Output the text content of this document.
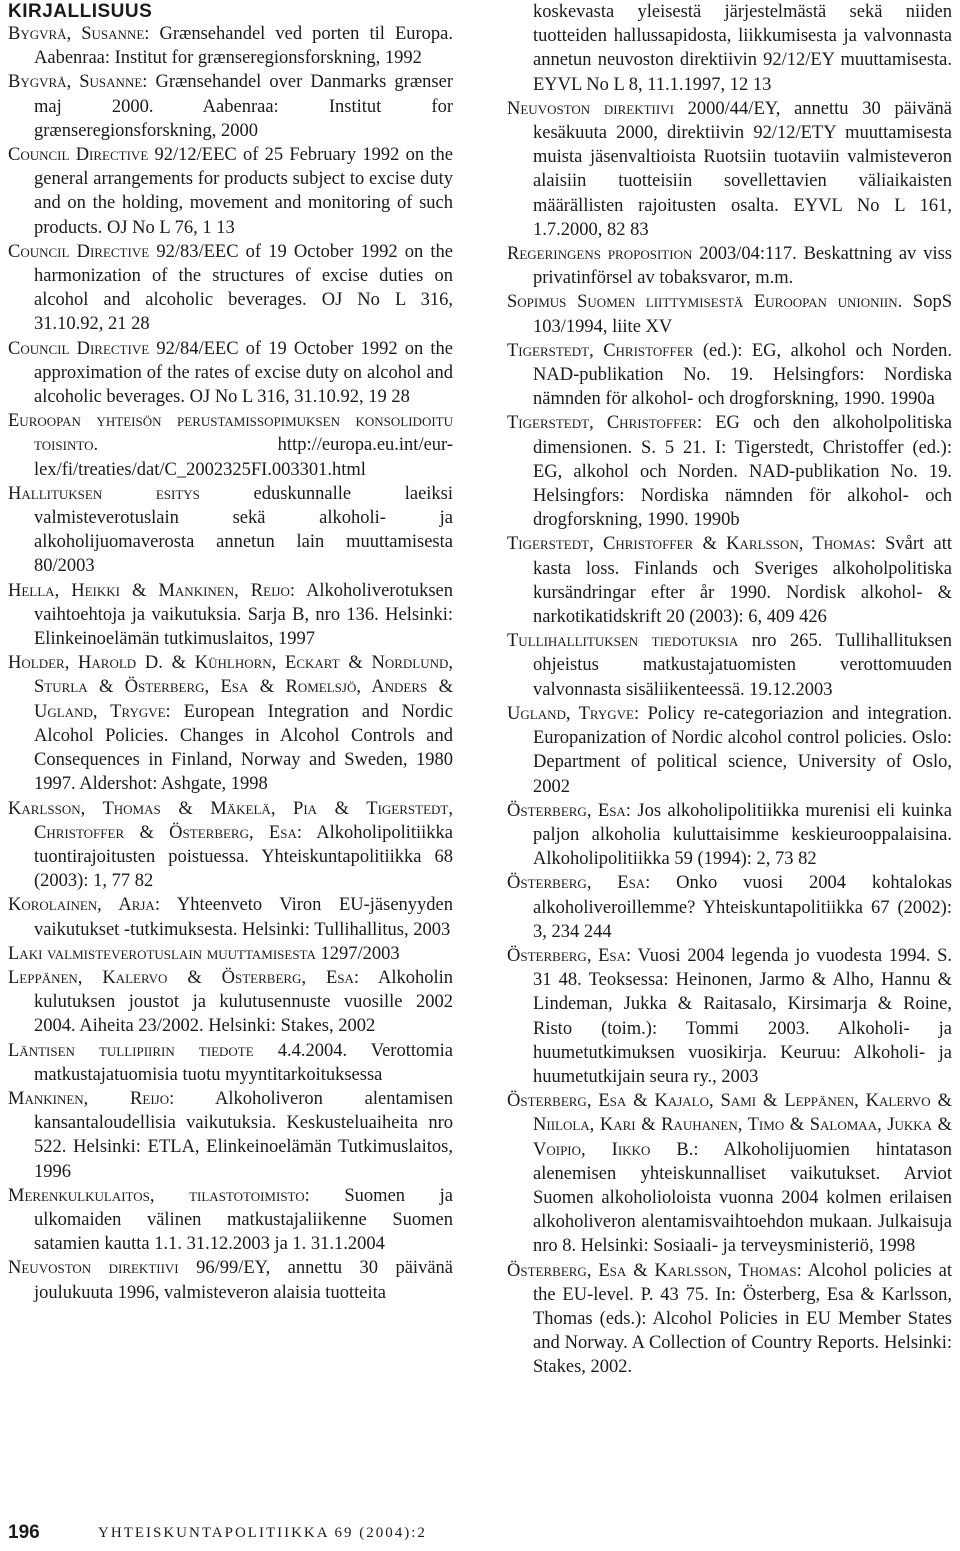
KIRJALLISUUS

Bygvrå, Susanne: Grænsehandel ved porten til Europa. Aabenraa: Institut for grænseregionsforskning, 1992

Bygvrå, Susanne: Grænsehandel over Danmarks grænser maj 2000. Aabenraa: Institut for grænseregionsforskning, 2000

Council Directive 92/12/EEC of 25 February 1992 on the general arrangements for products subject to excise duty and on the holding, movement and monitoring of such products. OJ No L 76, 1 13

Council Directive 92/83/EEC of 19 October 1992 on the harmonization of the structures of excise duties on alcohol and alcoholic beverages. OJ No L 316, 31.10.92, 21 28

Council Directive 92/84/EEC of 19 October 1992 on the approximation of the rates of excise duty on alcohol and alcoholic beverages. OJ No L 316, 31.10.92, 19 28

Euroopan yhteisön perustamissopimuksen konsolidoitu toisinto. http://europa.eu.int/eur-lex/fi/treaties/dat/C_2002325FI.003301.html

Hallituksen esitys eduskunnalle laeiksi valmisteverotuslain sekä alkoholi- ja alkoholijuomaverosta annetun lain muuttamisesta 80/2003

Hella, Heikki & Mankinen, Reijo: Alkoholiverotuksen vaihtoehtoja ja vaikutuksia. Sarja B, nro 136. Helsinki: Elinkeinoelämän tutkimuslaitos, 1997

Holder, Harold D. & Kühlhorn, Eckart & Nordlund, Sturla & Österberg, Esa & Romelsjö, Anders & Ugland, Trygve: European Integration and Nordic Alcohol Policies. Changes in Alcohol Controls and Consequences in Finland, Norway and Sweden, 1980 1997. Aldershot: Ashgate, 1998

Karlsson, Thomas & Mäkelä, Pia & Tigerstedt, Christoffer & Österberg, Esa: Alkoholipolitiikka tuontirajoitusten poistuessa. Yhteiskuntapolitiikka 68 (2003): 1, 77 82

Korolainen, Arja: Yhteenveto Viron EU-jäsenyyden vaikutukset -tutkimuksesta. Helsinki: Tullihallitus, 2003

Laki valmisteverotuslain muuttamisesta 1297/2003

Leppänen, Kalervo & Österberg, Esa: Alkoholin kulutuksen joustot ja kulutusennuste vuosille 2002 2004. Aiheita 23/2002. Helsinki: Stakes, 2002

Läntisen tullipiirin tiedote 4.4.2004. Verottomia matkustajatuomisia tuotu myyntitarkoituksessa

Mankinen, Reijo: Alkoholiveron alentamisen kansantaloudellisia vaikutuksia. Keskusteluaiheita nro 522. Helsinki: ETLA, Elinkeinoelämän Tutkimuslaitos, 1996

Merenkulkulaitos, tilastotoimisto: Suomen ja ulkomaiden välinen matkustajaliikenne Suomen satamien kautta 1.1. 31.12.2003 ja 1. 31.1.2004

Neuvoston direktiivi 96/99/EY, annettu 30 päivänä joulukuuta 1996, valmisteveron alaisia tuotteita

koskevasta yleisestä järjestelmästä sekä niiden tuotteiden hallussapidosta, liikkumisesta ja valvonnasta annetun neuvoston direktiivin 92/12/EY muuttamisesta. EYVL No L 8, 11.1.1997, 12 13

Neuvoston direktiivi 2000/44/EY, annettu 30 päivänä kesäkuuta 2000, direktiivin 92/12/ETY muuttamisesta muista jäsenvaltioista Ruotsiin tuotaviin valmisteveron alaisiin tuotteisiin sovellettavien väliaikaisten määrällisten rajoitusten osalta. EYVL No L 161, 1.7.2000, 82 83

Regeringens proposition 2003/04:117. Beskattning av viss privatinförsel av tobaksvaror, m.m.

Sopimus Suomen liittymisestä Euroopan unioniin. SopS 103/1994, liite XV

Tigerstedt, Christoffer (ed.): EG, alkohol och Norden. NAD-publikation No. 19. Helsingfors: Nordiska nämnden för alkohol- och drogforskning, 1990. 1990a

Tigerstedt, Christoffer: EG och den alkoholpolitiska dimensionen. S. 5 21. I: Tigerstedt, Christoffer (ed.): EG, alkohol och Norden. NAD-publikation No. 19. Helsingfors: Nordiska nämnden för alkohol- och drogforskning, 1990. 1990b

Tigerstedt, Christoffer & Karlsson, Thomas: Svårt att kasta loss. Finlands och Sveriges alkoholpolitiska kursändringar efter år 1990. Nordisk alkohol- & narkotikatidskrift 20 (2003): 6, 409 426

Tullihallituksen tiedotuksia nro 265. Tullihallituksen ohjeistus matkustajatuomisten verottomuuden valvonnasta sisäliikenteessä. 19.12.2003

Ugland, Trygve: Policy re-categoriazion and integration. Europanization of Nordic alcohol control policies. Oslo: Department of political science, University of Oslo, 2002

Österberg, Esa: Jos alkoholipolitiikka murenisi eli kuinka paljon alkoholia kuluttaisimme keskieurooppalaisina. Alkoholipolitiikka 59 (1994): 2, 73 82

Österberg, Esa: Onko vuosi 2004 kohtalokas alkoholiveroillemme? Yhteiskuntapolitiikka 67 (2002): 3, 234 244

Österberg, Esa: Vuosi 2004 legenda jo vuodesta 1994. S. 31 48. Teoksessa: Heinonen, Jarmo & Alho, Hannu & Lindeman, Jukka & Raitasalo, Kirsimarja & Roine, Risto (toim.): Tommi 2003. Alkoholi- ja huumetutkimuksen vuosikirja. Keuruu: Alkoholi- ja huumetutkijain seura ry., 2003

Österberg, Esa & Kajalo, Sami & Leppänen, Kalervo & Niilola, Kari & Rauhanen, Timo & Salomaa, Jukka & Voipio, Iikko B.: Alkoholijuomien hintatason alenemisen yhteiskunnalliset vaikutukset. Arviot Suomen alkoholioloista vuonna 2004 kolmen erilaisen alkoholiveron alentamisvaihtoehdon mukaan. Julkaisuja nro 8. Helsinki: Sosiaali- ja terveysministeriö, 1998

Österberg, Esa & Karlsson, Thomas: Alcohol policies at the EU-level. P. 43 75. In: Österberg, Esa & Karlsson, Thomas (eds.): Alcohol Policies in EU Member States and Norway. A Collection of Country Reports. Helsinki: Stakes, 2002.

196	YHTEISKUNTAPOLITIIKKA 69 (2004):2
